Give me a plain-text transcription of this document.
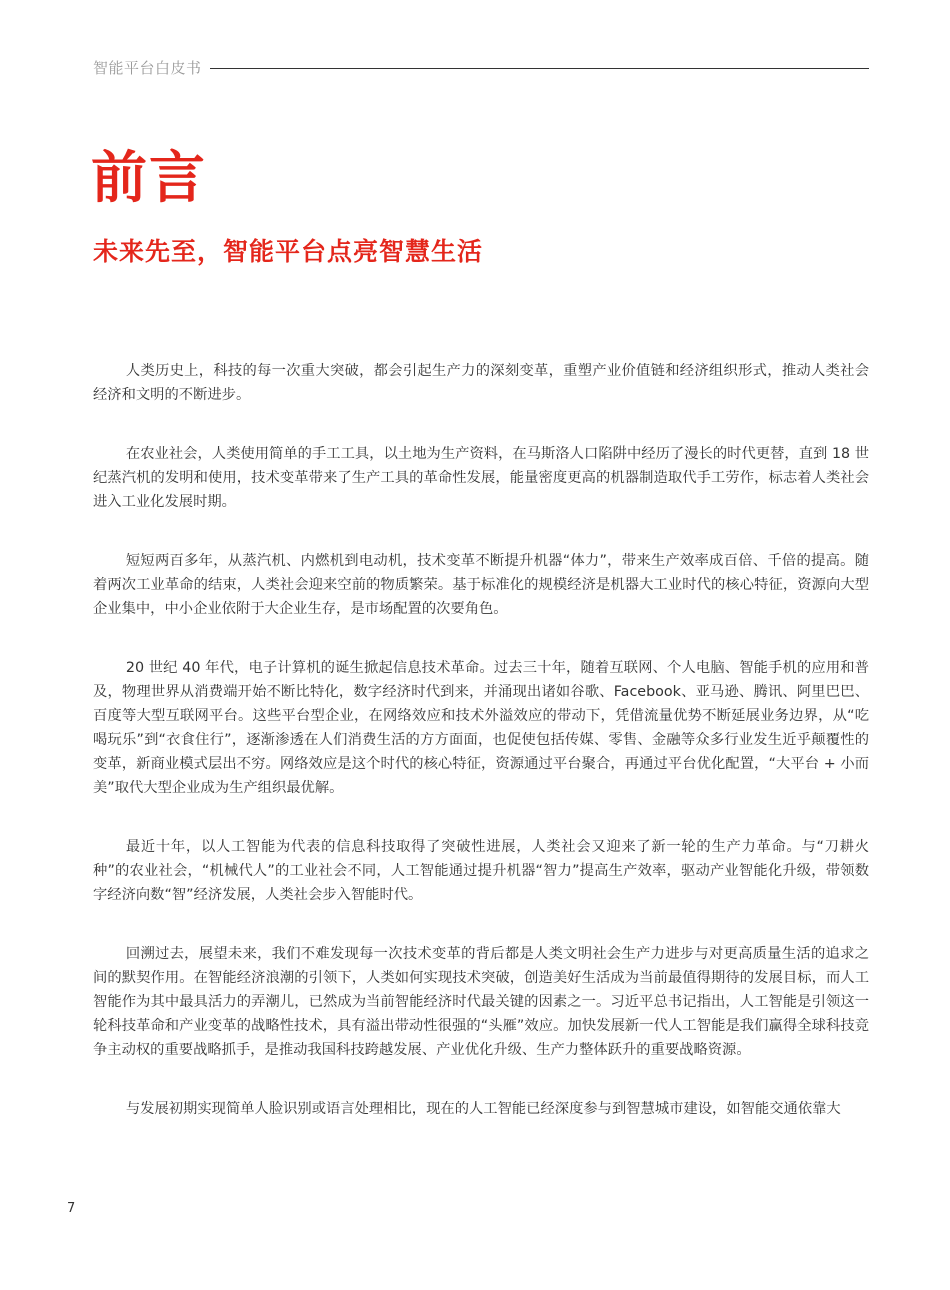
智能平台白皮书
前言
未来先至，智能平台点亮智慧生活

人类历史上，科技的每一次重大突破，都会引起生产力的深刻变革，重塑产业价值链和经济组织形式，推动人类社会经济和文明的不断进步。

在农业社会，人类使用简单的手工工具，以土地为生产资料，在马斯洛人口陷阱中经历了漫长的时代更替，直到 18 世纪蒸汽机的发明和使用，技术变革带来了生产工具的革命性发展，能量密度更高的机器制造取代手工劳作，标志着人类社会进入工业化发展时期。

短短两百多年，从蒸汽机、内燃机到电动机，技术变革不断提升机器“体力”，带来生产效率成百倍、千倍的提高。随着两次工业革命的结束，人类社会迎来空前的物质繁荣。基于标准化的规模经济是机器大工业时代的核心特征，资源向大型企业集中，中小企业依附于大企业生存，是市场配置的次要角色。

20 世纪 40 年代，电子计算机的诞生掀起信息技术革命。过去三十年，随着互联网、个人电脑、智能手机的应用和普及，物理世界从消费端开始不断比特化，数字经济时代到来，并涌现出诸如谷歌、Facebook、亚马逊、腾讯、阿里巴巴、百度等大型互联网平台。这些平台型企业，在网络效应和技术外溢效应的带动下，凭借流量优势不断延展业务边界，从“吃喝玩乐”到“衣食住行”，逐渐渗透在人们消费生活的方方面面，也促使包括传媒、零售、金融等众多行业发生近乎颠覆性的变革，新商业模式层出不穷。网络效应是这个时代的核心特征，资源通过平台聚合，再通过平台优化配置，“大平台 + 小而美”取代大型企业成为生产组织最优解。

最近十年，以人工智能为代表的信息科技取得了突破性进展，人类社会又迎来了新一轮的生产力革命。与“刀耕火种”的农业社会，“机械代人”的工业社会不同，人工智能通过提升机器“智力”提高生产效率，驱动产业智能化升级，带领数字经济向数“智”经济发展，人类社会步入智能时代。

回溯过去，展望未来，我们不难发现每一次技术变革的背后都是人类文明社会生产力进步与对更高质量生活的追求之间的默契作用。在智能经济浪潮的引领下，人类如何实现技术突破，创造美好生活成为当前最值得期待的发展目标，而人工智能作为其中最具活力的弄潮儿，已然成为当前智能经济时代最关键的因素之一。习近平总书记指出，人工智能是引领这一轮科技革命和产业变革的战略性技术，具有溢出带动性很强的“头雁”效应。加快发展新一代人工智能是我们赢得全球科技竞争主动权的重要战略抓手，是推动我国科技跨越发展、产业优化升级、生产力整体跃升的重要战略资源。

与发展初期实现简单人脸识别或语言处理相比，现在的人工智能已经深度参与到智慧城市建设，如智能交通依靠大

7
